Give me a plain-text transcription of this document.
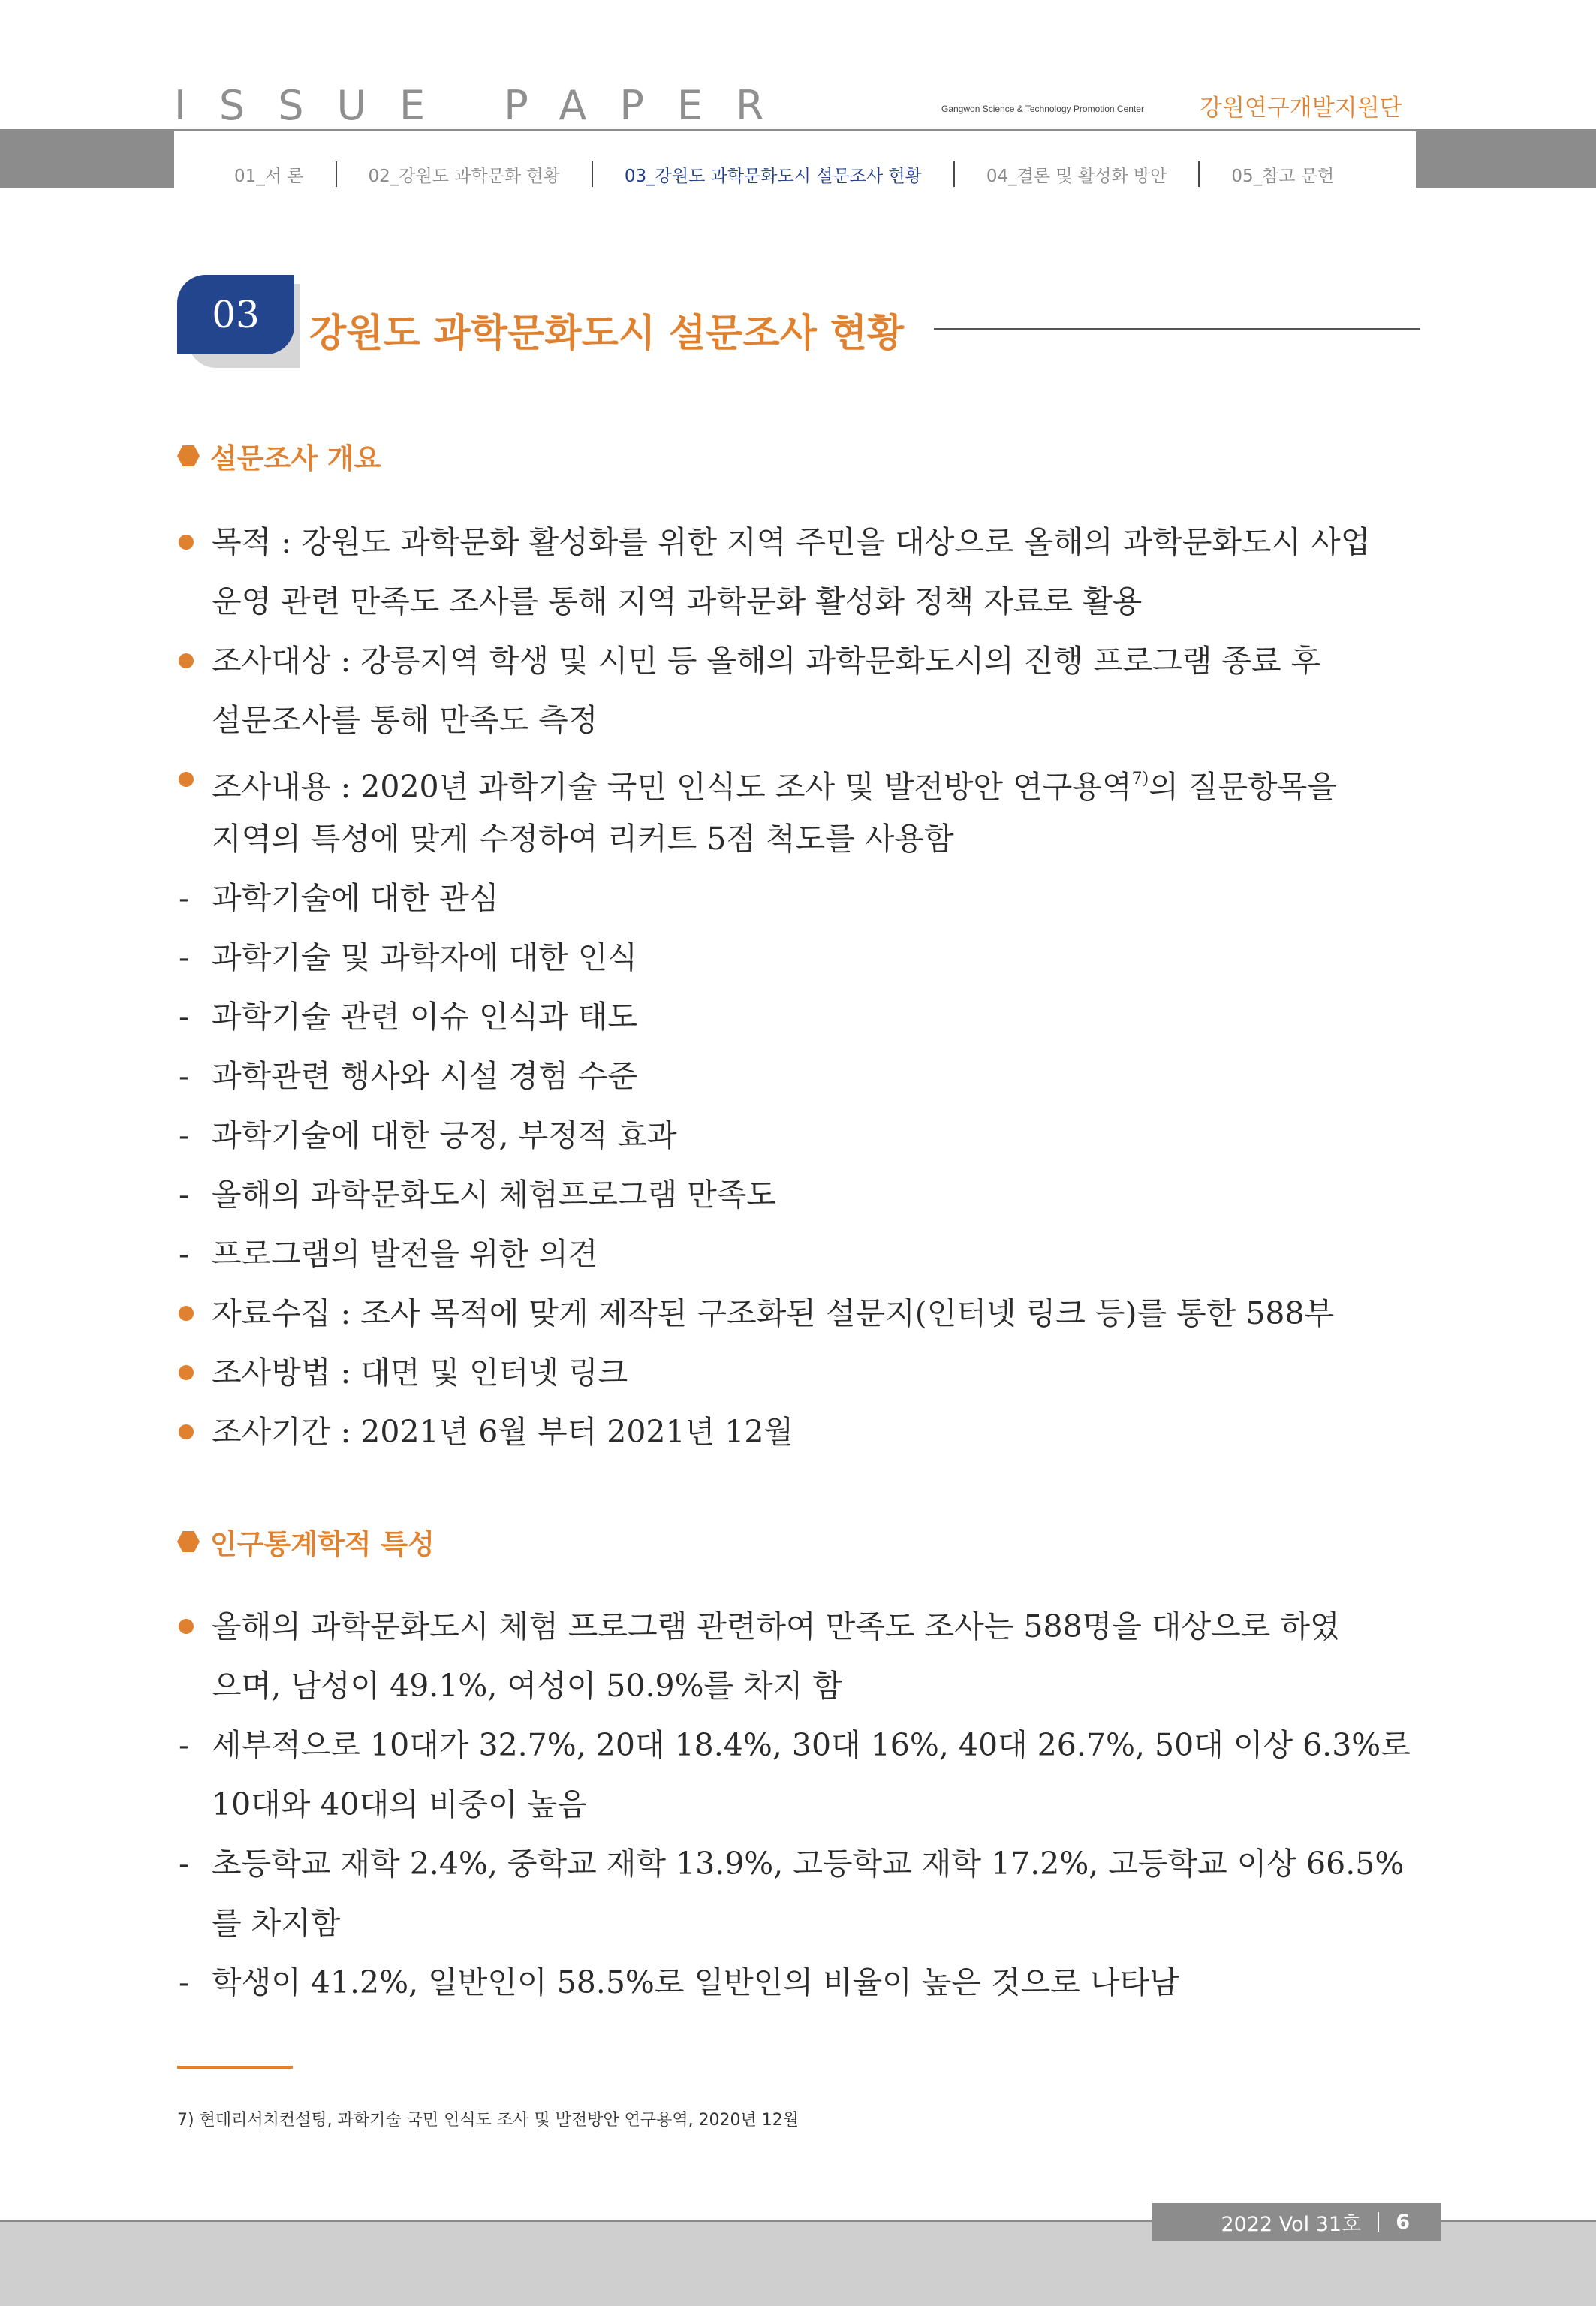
ISSUE PAPER	Gangwon Science & Technology Promotion Center 강원연구개발지원단
01_서 론	02_강원도 과학문화 현황	03_강원도 과학문화도시 설문조사 현황	04_결론 및 활성화 방안	05_참고 문헌
03	강원도 과학문화도시 설문조사 현황
설문조사 개요
목적 : 강원도 과학문화 활성화를 위한 지역 주민을 대상으로 올해의 과학문화도시 사업
운영 관련 만족도 조사를 통해 지역 과학문화 활성화 정책 자료로 활용
조사대상 : 강릉지역 학생 및 시민 등 올해의 과학문화도시의 진행 프로그램 종료 후
설문조사를 통해 만족도 측정
조사내용 : 2020년 과학기술 국민 인식도 조사 및 발전방안 연구용역$^{7)}$의 질문항목을
지역의 특성에 맞게 수정하여 리커트 5점 척도를 사용함
- 과학기술에 대한 관심
- 과학기술 및 과학자에 대한 인식
- 과학기술 관련 이슈 인식과 태도
- 과학관련 행사와 시설 경험 수준
- 과학기술에 대한 긍정, 부정적 효과
- 올해의 과학문화도시 체험프로그램 만족도
- 프로그램의 발전을 위한 의견
자료수집 : 조사 목적에 맞게 제작된 구조화된 설문지(인터넷 링크 등)를 통한 588부
조사방법 : 대면 및 인터넷 링크
조사기간 : 2021년 6월 부터 2021년 12월
인구통계학적 특성
올해의 과학문화도시 체험 프로그램 관련하여 만족도 조사는 588명을 대상으로 하였
으며, 남성이 49.1%, 여성이 50.9%를 차지 함
- 세부적으로 10대가 32.7%, 20대 18.4%, 30대 16%, 40대 26.7%, 50대 이상 6.3%로
10대와 40대의 비중이 높음
- 초등학교 재학 2.4%, 중학교 재학 13.9%, 고등학교 재학 17.2%, 고등학교 이상 66.5%
를 차지함
- 학생이 41.2%, 일반인이 58.5%로 일반인의 비율이 높은 것으로 나타남
7) 현대리서치컨설팅, 과학기술 국민 인식도 조사 및 발전방안 연구용역, 2020년 12월
2022 Vol 31호 6
